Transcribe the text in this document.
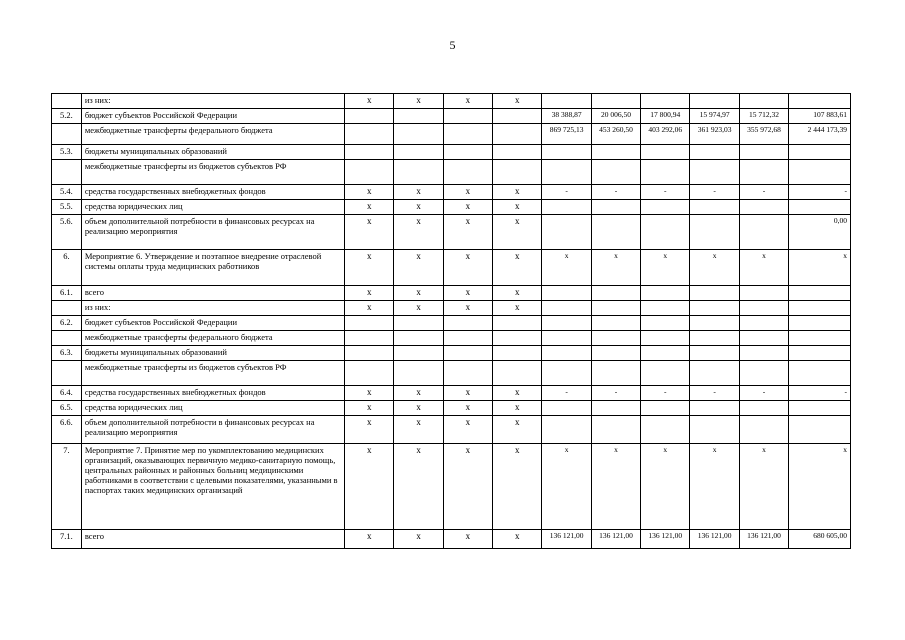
5
	из них:	x	x	x	x						
5.2.	бюджет субъектов Российской Федерации					38 388,87	20 006,50	17 800,94	15 974,97	15 712,32	107 883,61
	межбюджетные трансферты федерального бюджета					869 725,13	453 260,50	403 292,06	361 923,03	355 972,68	2 444 173,39
5.3.	бюджеты муниципальных образований										
	межбюджетные трансферты из бюджетов субъектов РФ										
5.4.	средства государственных внебюджетных фондов	x	x	x	x	-	-	-	-	-	-
5.5.	средства юридических лиц	x	x	x	x						
5.6.	объем дополнительной потребности в финансовых ресурсах на реализацию мероприятия	x	x	x	x						0,00
6.	Мероприятие 6. Утверждение и поэтапное внедрение отраслевой системы оплаты труда медицинских работников	x	x	x	x	x	x	x	x	x	x
6.1.	всего	x	x	x	x						
	из них:	x	x	x	x						
6.2.	бюджет субъектов Российской Федерации										
	межбюджетные трансферты федерального бюджета										
6.3.	бюджеты муниципальных образований										
	межбюджетные трансферты из бюджетов субъектов РФ										
6.4.	средства государственных внебюджетных фондов	x	x	x	x	-	-	-	-	-	-
6.5.	средства юридических лиц	x	x	x	x						
6.6.	объем дополнительной потребности в финансовых ресурсах на реализацию мероприятия	x	x	x	x						
7.	Мероприятие 7. Принятие мер по укомплектованию медицинских организаций, оказывающих первичную медико-санитарную помощь, центральных районных и районных больниц медицинскими работниками в соответствии с целевыми показателями, указанными в паспортах таких медицинских организаций	x	x	x	x	x	x	x	x	x	x
7.1.	всего	x	x	x	x	136 121,00	136 121,00	136 121,00	136 121,00	136 121,00	680 605,00
